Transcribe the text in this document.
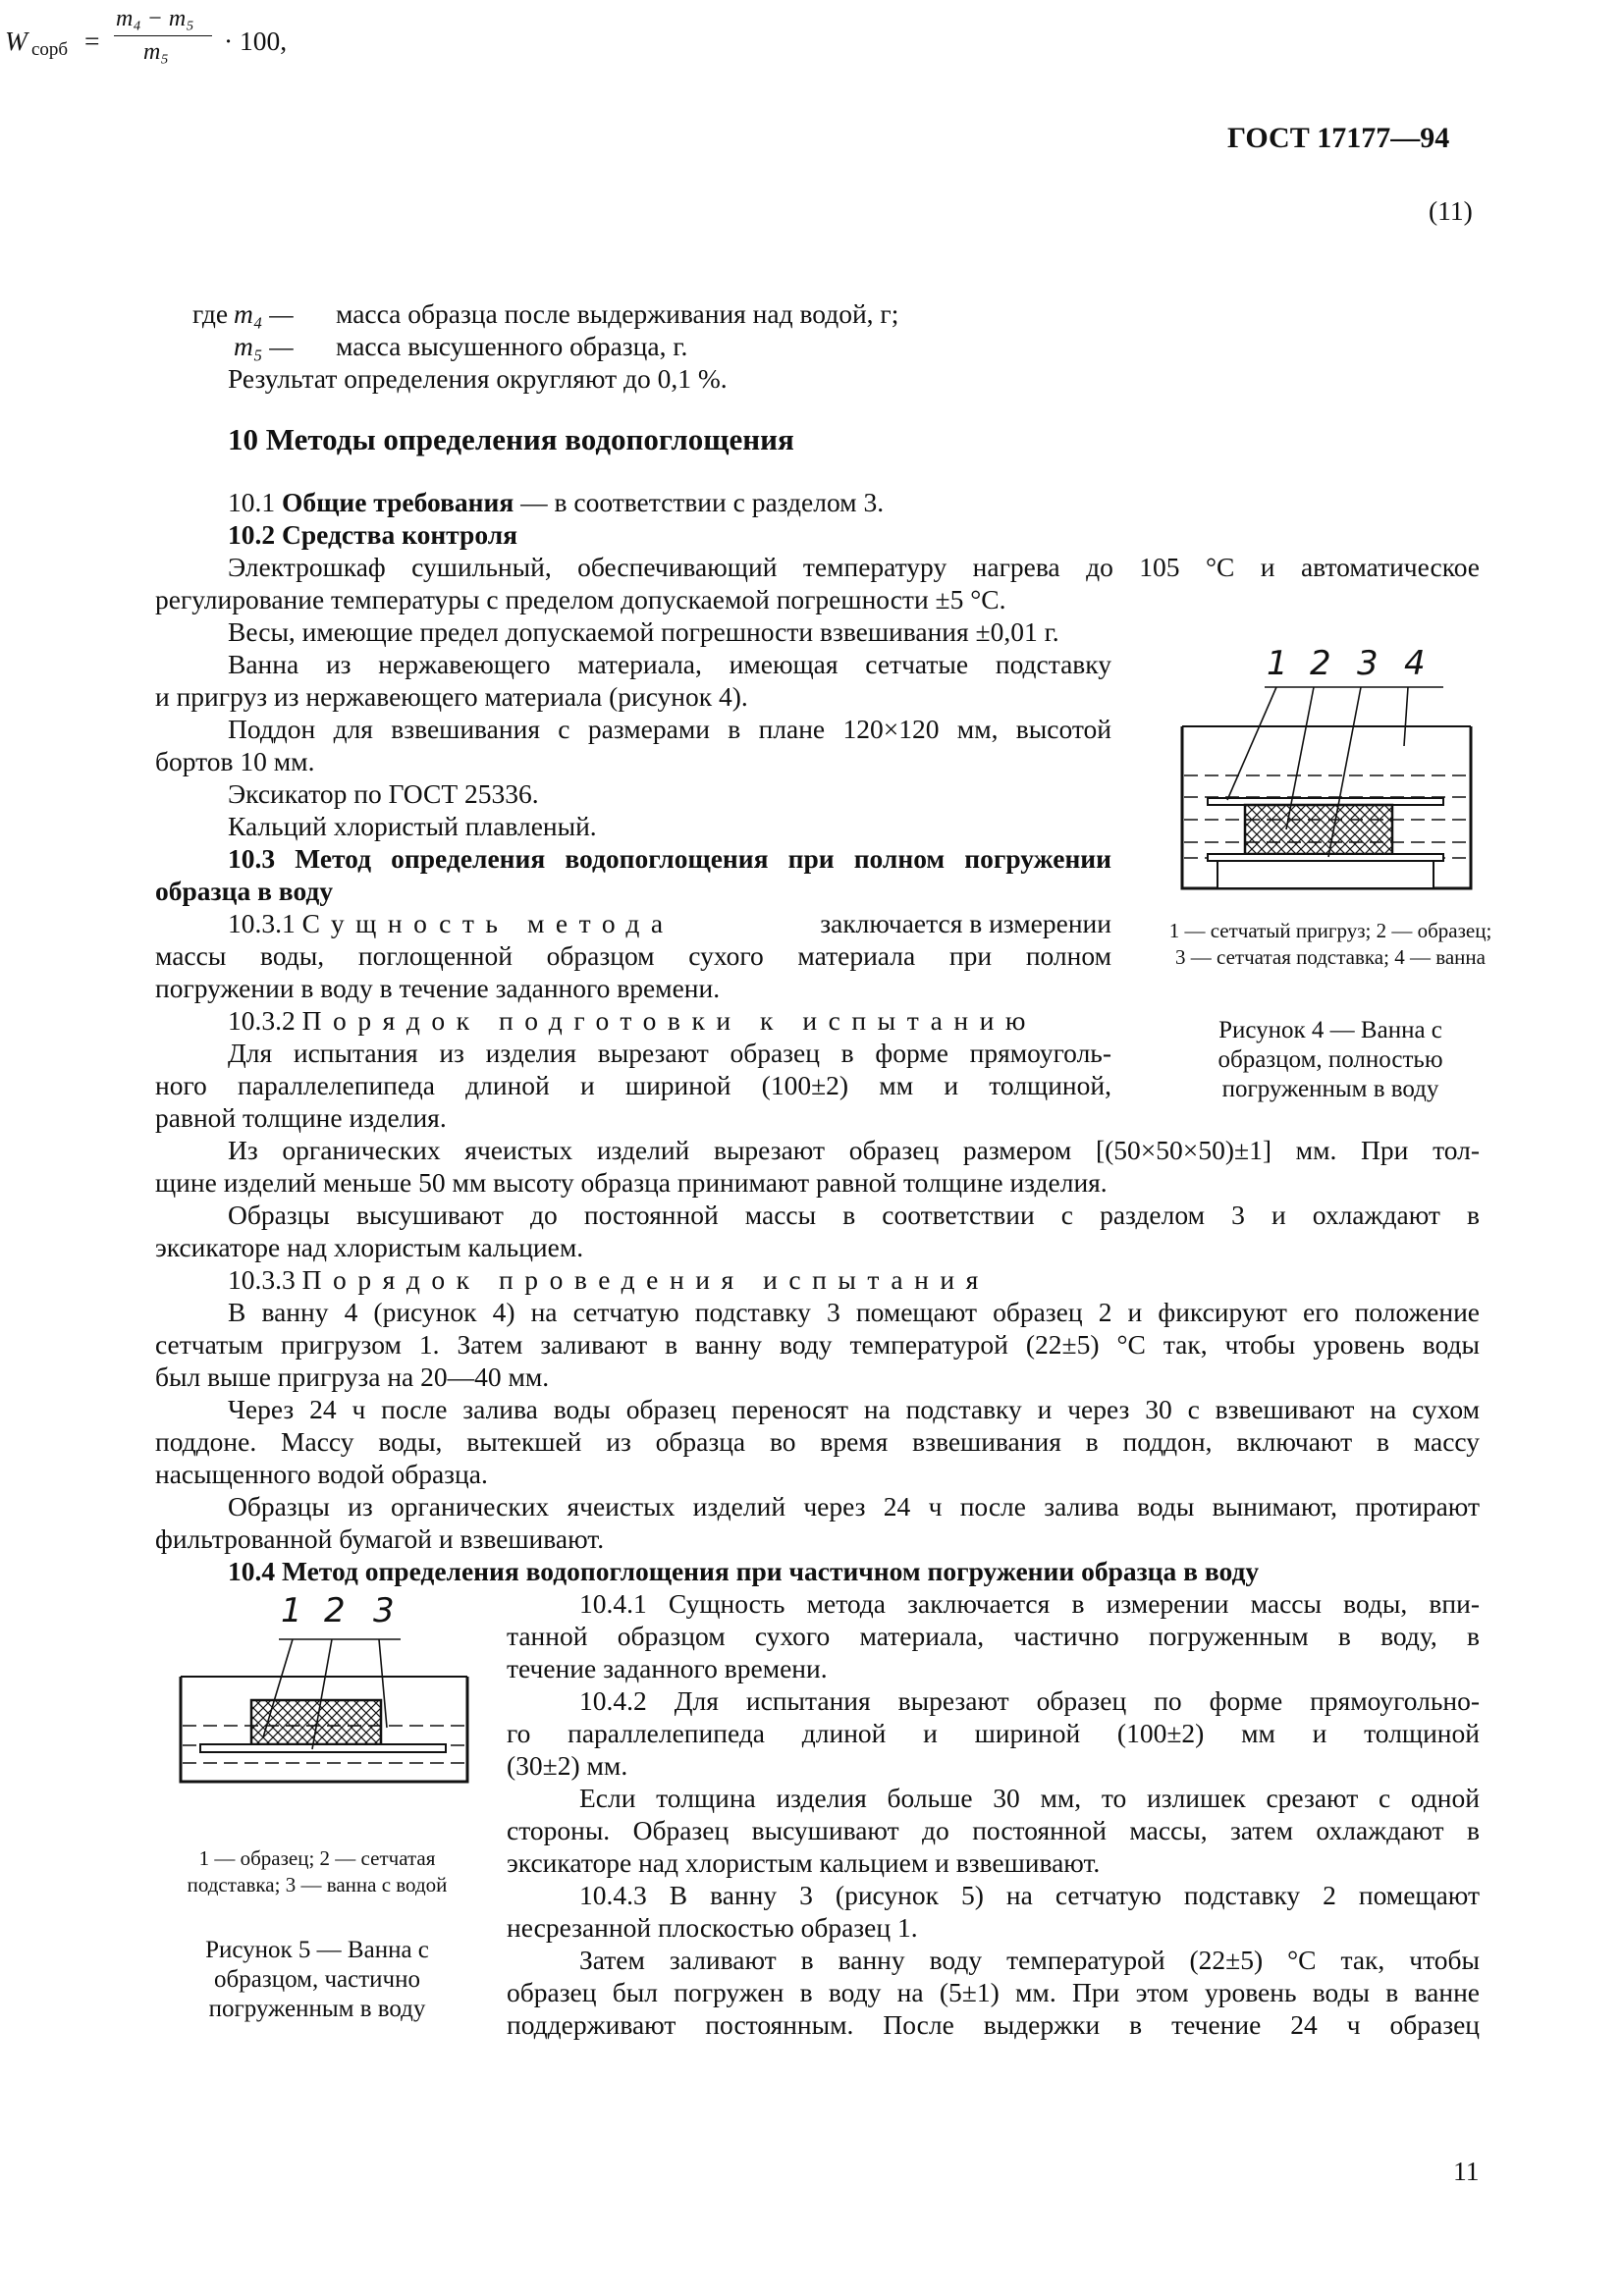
ГОСТ 17177—94
W сорб =
m₄ − m₅
m₅ · 100,
(11)
где m₄ — масса образца после выдерживания над водой, г;
m₅ — масса высушенного образца, г.
Результат определения округляют до 0,1 %.
10 Методы определения водопоглощения
10.1 Общие требования — в соответствии с разделом 3.
10.2 Средства контроля
Электрошкаф сушильный, обеспечивающий температуру нагрева до 105 °С и автоматическое
регулирование температуры с пределом допускаемой погрешности ±5 °С.
Весы, имеющие предел допускаемой погрешности взвешивания ±0,01 г.
Ванна из нержавеющего материала, имеющая сетчатые подставку
и пригруз из нержавеющего материала (рисунок 4).
Поддон для взвешивания с размерами в плане 120×120 мм, высотой
бортов 10 мм.
Эксикатор по ГОСТ 25336.
Кальций хлористый плавленый.
10.3 Метод определения водопоглощения при полном погружении
образца в воду
10.3.1 Сущность метода	заключается в измерении
массы воды, поглощенной образцом сухого материала при полном
погружении в воду в течение заданного времени.
10.3.2 Порядок подготовки к испытанию
Для испытания из изделия вырезают образец в форме прямоуголь-
ного параллелепипеда длиной и шириной (100±2) мм и толщиной,
равной толщине изделия.
Из органических ячеистых изделий вырезают образец размером [(50×50×50)±1] мм. При тол-
щине изделий меньше 50 мм высоту образца принимают равной толщине изделия.
Образцы высушивают до постоянной массы в соответствии с разделом 3 и охлаждают в
эксикаторе над хлористым кальцием.
10.3.3 Порядок проведения испытания
В ванну 4 (рисунок 4) на сетчатую подставку 3 помещают образец 2 и фиксируют его положение
сетчатым пригрузом 1. Затем заливают в ванну воду температурой (22±5) °С так, чтобы уровень воды
был выше пригруза на 20—40 мм.
Через 24 ч после залива воды образец переносят на подставку и через 30 с взвешивают на сухом
поддоне. Массу воды, вытекшей из образца во время взвешивания в поддон, включают в массу
насыщенного водой образца.
Образцы из органических ячеистых изделий через 24 ч после залива воды вынимают, протирают
фильтрованной бумагой и взвешивают.
10.4 Метод определения водопоглощения при частичном погружении образца в воду
10.4.1 Сущность метода заключается в измерении массы воды, впи-
танной образцом сухого материала, частично погруженным в воду, в
течение заданного времени.
10.4.2 Для испытания вырезают образец по форме прямоугольно-
го параллелепипеда длиной и шириной (100±2) мм и толщиной
(30±2) мм.
Если толщина изделия больше 30 мм, то излишек срезают с одной
стороны. Образец высушивают до постоянной массы, затем охлаждают в
эксикаторе над хлористым кальцием и взвешивают.
10.4.3 В ванну 3 (рисунок 5) на сетчатую подставку 2 помещают
несрезанной плоскостью образец 1.
Затем заливают в ванну воду температурой (22±5) °С так, чтобы
образец был погружен в воду на (5±1) мм. При этом уровень воды в ванне
поддерживают постоянным. После выдержки в течение 24 ч образец
1 2 3 4
1 — сетчатый пригруз; 2 — образец; 3 — сетчатая подставка; 4 — ванна
Рисунок 4 — Ванна с образцом, полностью погруженным в воду
1 2 3
1 — образец; 2 — сетчатая подставка; 3 — ванна с водой
Рисунок 5 — Ванна с образцом, частично погруженным в воду
11
